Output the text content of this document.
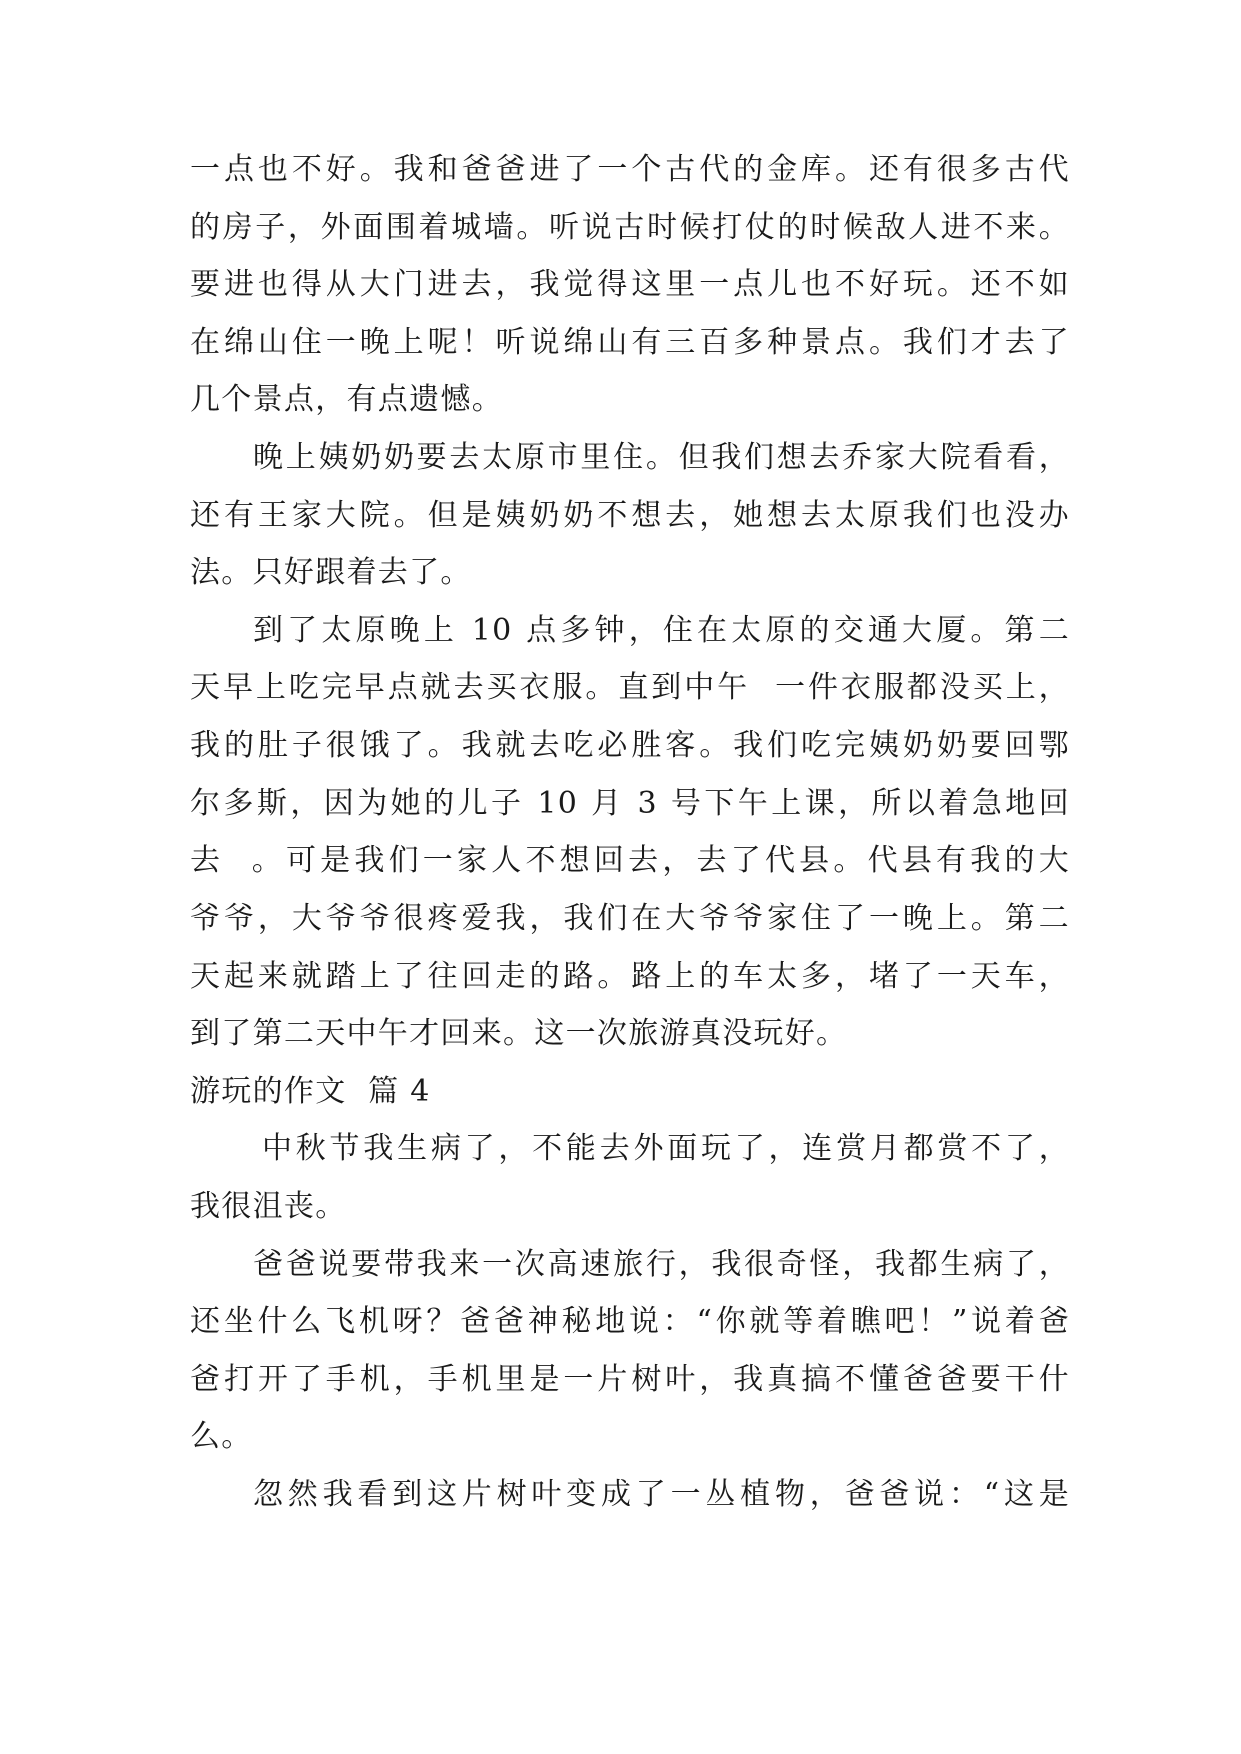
一点也不好。我和爸爸进了一个古代的金库。还有很多古代
的房子，外面围着城墙。听说古时候打仗的时候敌人进不来。
要进也得从大门进去，我觉得这里一点儿也不好玩。还不如
在绵山住一晚上呢！听说绵山有三百多种景点。我们才去了
几个景点，有点遗憾。
晚上姨奶奶要去太原市里住。但我们想去乔家大院看看，
还有王家大院。但是姨奶奶不想去，她想去太原我们也没办
法。只好跟着去了。
到了太原晚上 10 点多钟，住在太原的交通大厦。第二
天早上吃完早点就去买衣服。直到中午  一件衣服都没买上，
我的肚子很饿了。我就去吃必胜客。我们吃完姨奶奶要回鄂
尔多斯，因为她的儿子 10 月 3 号下午上课，所以着急地回
去  。可是我们一家人不想回去，去了代县。代县有我的大
爷爷，大爷爷很疼爱我，我们在大爷爷家住了一晚上。第二
天起来就踏上了往回走的路。路上的车太多，堵了一天车，
到了第二天中午才回来。这一次旅游真没玩好。
游玩的作文  篇 4
中秋节我生病了，不能去外面玩了，连赏月都赏不了，
我很沮丧。
爸爸说要带我来一次高速旅行，我很奇怪，我都生病了，
还坐什么飞机呀？爸爸神秘地说：“你就等着瞧吧！”说着爸
爸打开了手机，手机里是一片树叶，我真搞不懂爸爸要干什
么。
忽然我看到这片树叶变成了一丛植物，爸爸说：“这是
